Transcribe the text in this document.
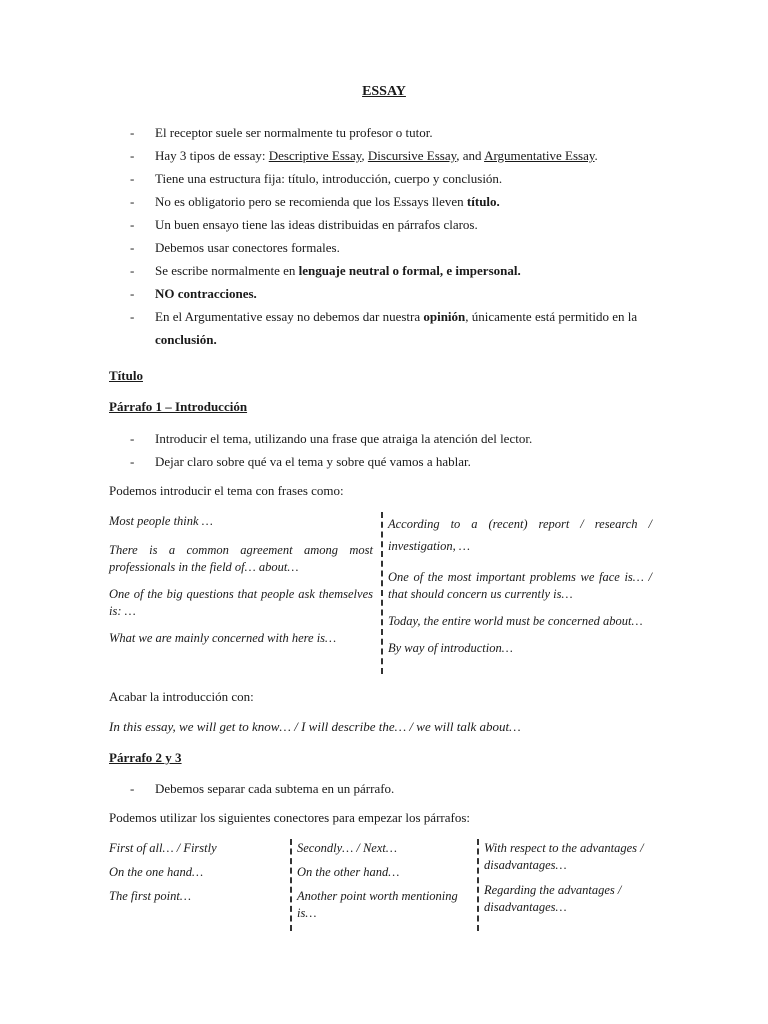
ESSAY
- El receptor suele ser normalmente tu profesor o tutor.
- Hay 3 tipos de essay: Descriptive Essay, Discursive Essay, and Argumentative Essay.
- Tiene una estructura fija: título, introducción, cuerpo y conclusión.
- No es obligatorio pero se recomienda que los Essays lleven título.
- Un buen ensayo tiene las ideas distribuidas en párrafos claros.
- Debemos usar conectores formales.
- Se escribe normalmente en lenguaje neutral o formal, e impersonal.
- NO contracciones.
- En el Argumentative essay no debemos dar nuestra opinión, únicamente está permitido en la conclusión.
Título
Párrafo 1 – Introducción
- Introducir el tema, utilizando una frase que atraiga la atención del lector.
- Dejar claro sobre qué va el tema y sobre qué vamos a hablar.
Podemos introducir el tema con frases como:

Most people think …

There is a common agreement among most professionals in the field of… about…

One of the big questions that people ask themselves is: …

What we are mainly concerned with here is…

According to a (recent) report / research / investigation, …

One of the most important problems we face is… / that should concern us currently is…

Today, the entire world must be concerned about…

By way of introduction…

Acabar la introducción con:
In this essay, we will get to know… / I will describe the… / we will talk about…
Párrafo 2 y 3
- Debemos separar cada subtema en un párrafo.
Podemos utilizar los siguientes conectores para empezar los párrafos:

First of all… / Firstly

On the one hand…

The first point…

Secondly… / Next…

On the other hand…

Another point worth mentioning is…

With respect to the advantages / disadvantages…

Regarding the advantages / disadvantages…
